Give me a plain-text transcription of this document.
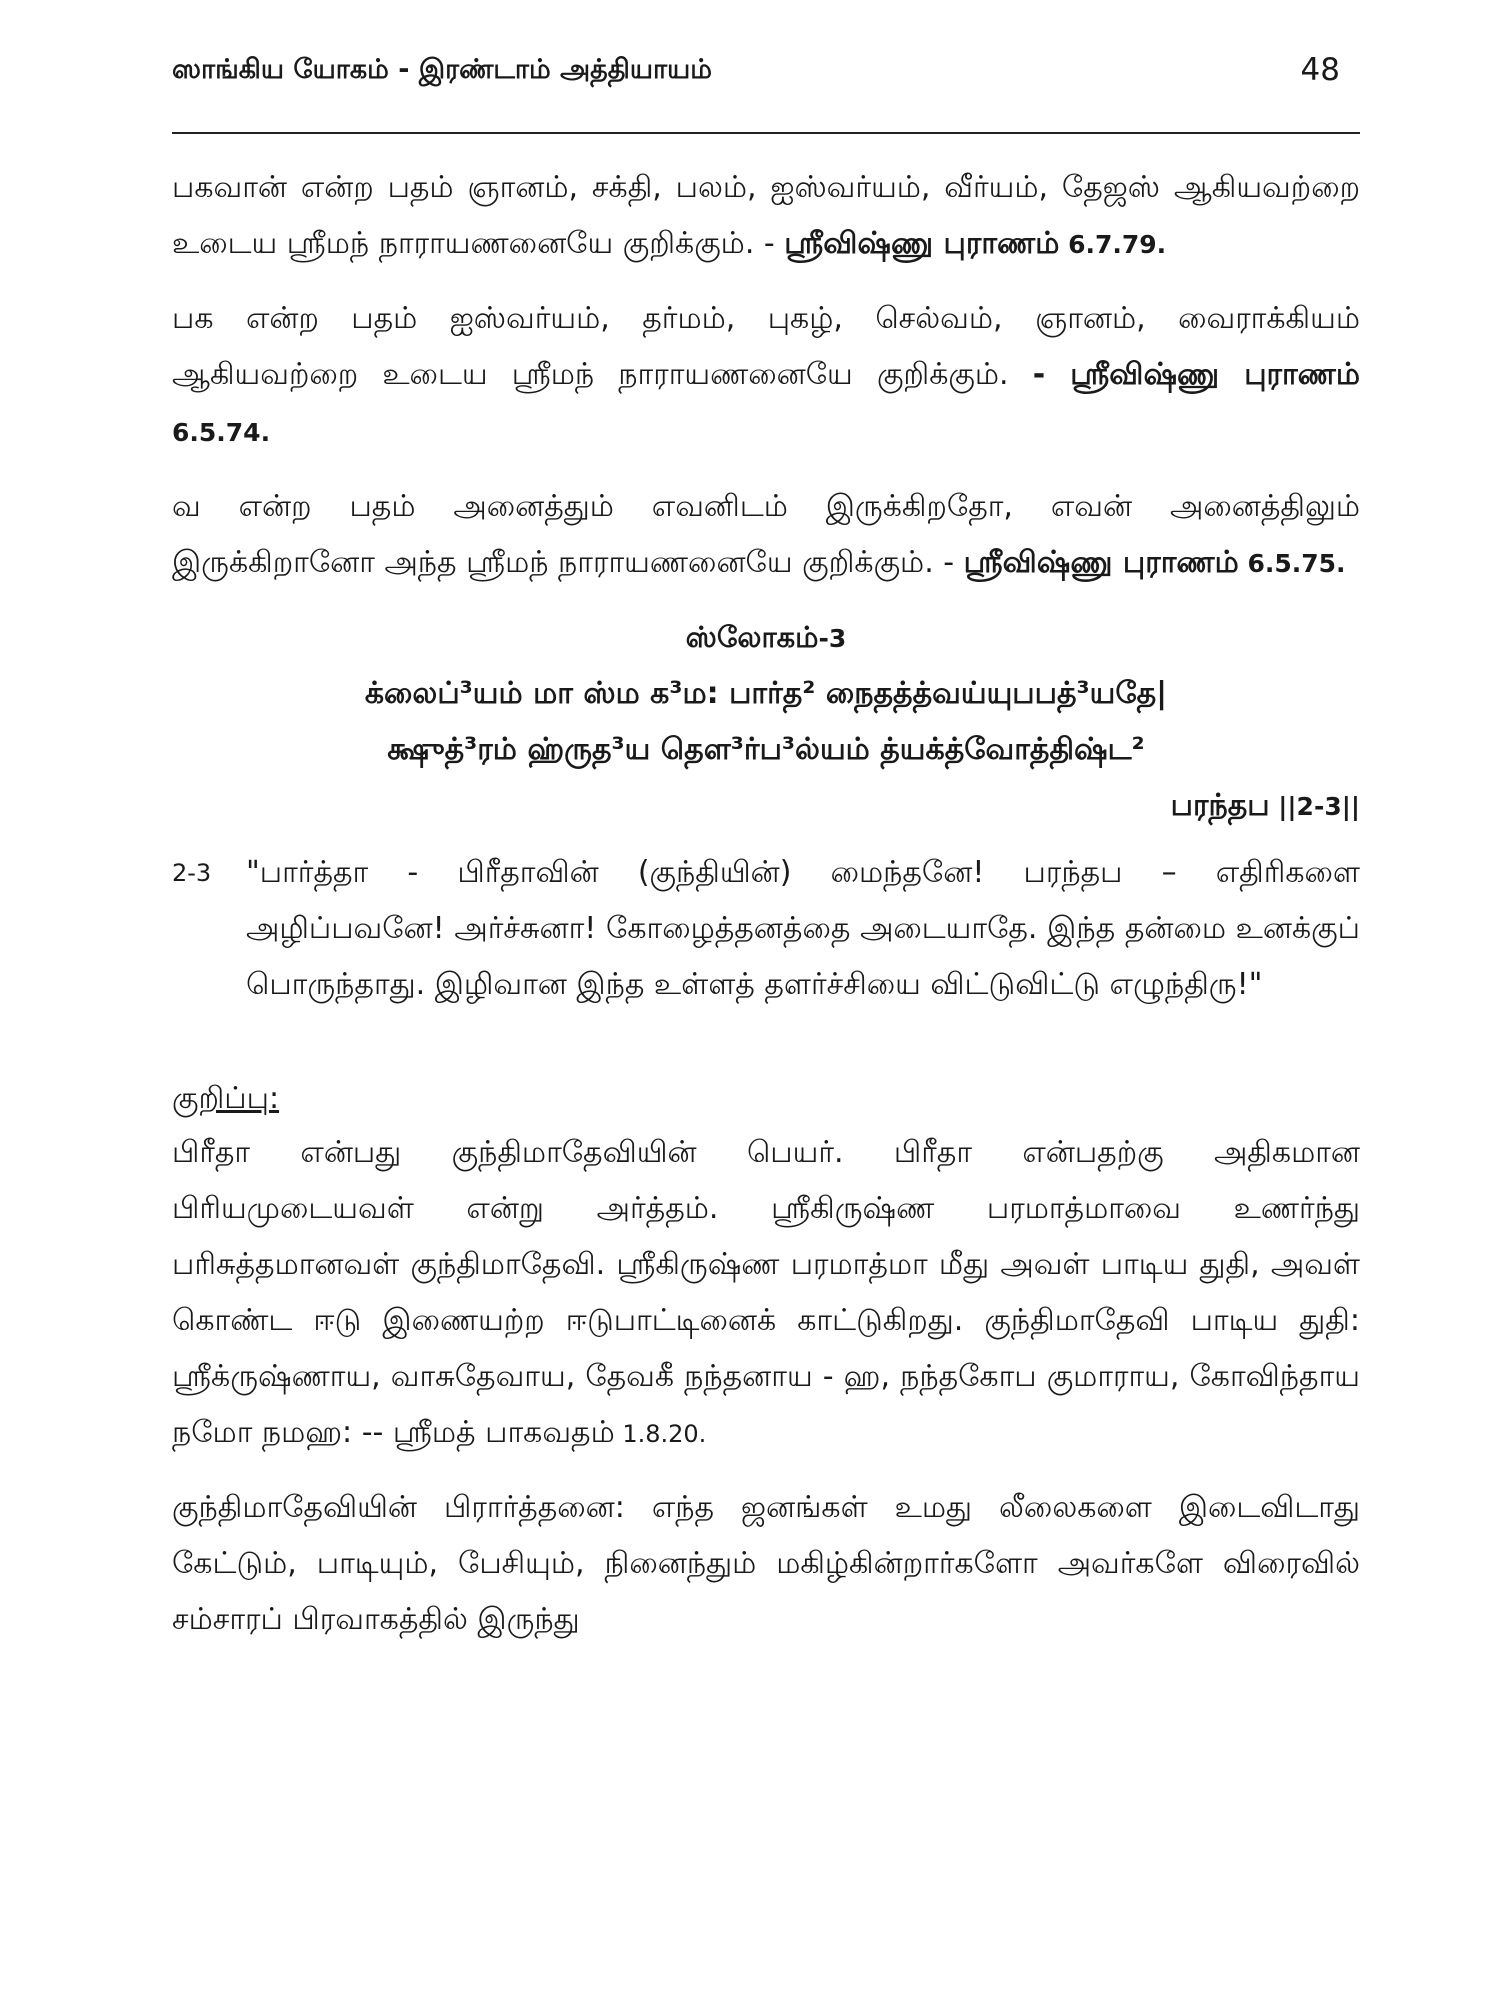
ஸாங்கிய யோகம் - இரண்டாம் அத்தியாயம்	48

பகவான் என்ற பதம் ஞானம், சக்தி, பலம், ஐஸ்வர்யம், வீர்யம், தேஜஸ் ஆகியவற்றை உடைய ஸ்ரீமந் நாராயணனையே குறிக்கும். - ஸ்ரீவிஷ்ணு புராணம் 6.7.79.

பக என்ற பதம் ஐஸ்வர்யம், தர்மம், புகழ், செல்வம், ஞானம், வைராக்கியம் ஆகியவற்றை உடைய ஸ்ரீமந் நாராயணனையே குறிக்கும். - ஸ்ரீவிஷ்ணு புராணம் 6.5.74.

வ என்ற பதம் அனைத்தும் எவனிடம் இருக்கிறதோ, எவன் அனைத்திலும் இருக்கிறானோ அந்த ஸ்ரீமந் நாராயணனையே குறிக்கும். - ஸ்ரீவிஷ்ணு புராணம் 6.5.75.

ஸ்லோகம்-3
க்லைப்³யம் மா ஸ்ம க³ம: பார்த² நைதத்த்வய்யுபபத்³யதே|
க்ஷுத்³ரம் ஹ்ருத³ய தௌ³ர்ப³ல்யம் த்யக்த்வோத்திஷ்ட²
பரந்தப ||2-3||
2-3	"பார்த்தா - பிரீதாவின் (குந்தியின்) மைந்தனே! பரந்தப – எதிரிகளை அழிப்பவனே! அர்ச்சுனா! கோழைத்தனத்தை அடையாதே. இந்த தன்மை உனக்குப் பொருந்தாது. இழிவான இந்த உள்ளத் தளர்ச்சியை விட்டுவிட்டு எழுந்திரு!"
குறிப்பு:

பிரீதா என்பது குந்திமாதேவியின் பெயர். பிரீதா என்பதற்கு அதிகமான பிரியமுடையவள் என்று அர்த்தம். ஸ்ரீகிருஷ்ண பரமாத்மாவை உணர்ந்து பரிசுத்தமானவள் குந்திமாதேவி. ஸ்ரீகிருஷ்ண பரமாத்மா மீது அவள் பாடிய துதி, அவள் கொண்ட ஈடு இணையற்ற ஈடுபாட்டினைக் காட்டுகிறது. குந்திமாதேவி பாடிய துதி: ஸ்ரீக்ருஷ்ணாய, வாசுதேவாய, தேவகீ நந்தனாய - ஹ, நந்தகோப குமாராய, கோவிந்தாய நமோ நமஹ: -- ஸ்ரீமத் பாகவதம் 1.8.20.

குந்திமாதேவியின் பிரார்த்தனை: எந்த ஜனங்கள் உமது லீலைகளை இடைவிடாது கேட்டும், பாடியும், பேசியும், நினைந்தும் மகிழ்கின்றார்களோ அவர்களே விரைவில் சம்சாரப் பிரவாகத்தில் இருந்து
